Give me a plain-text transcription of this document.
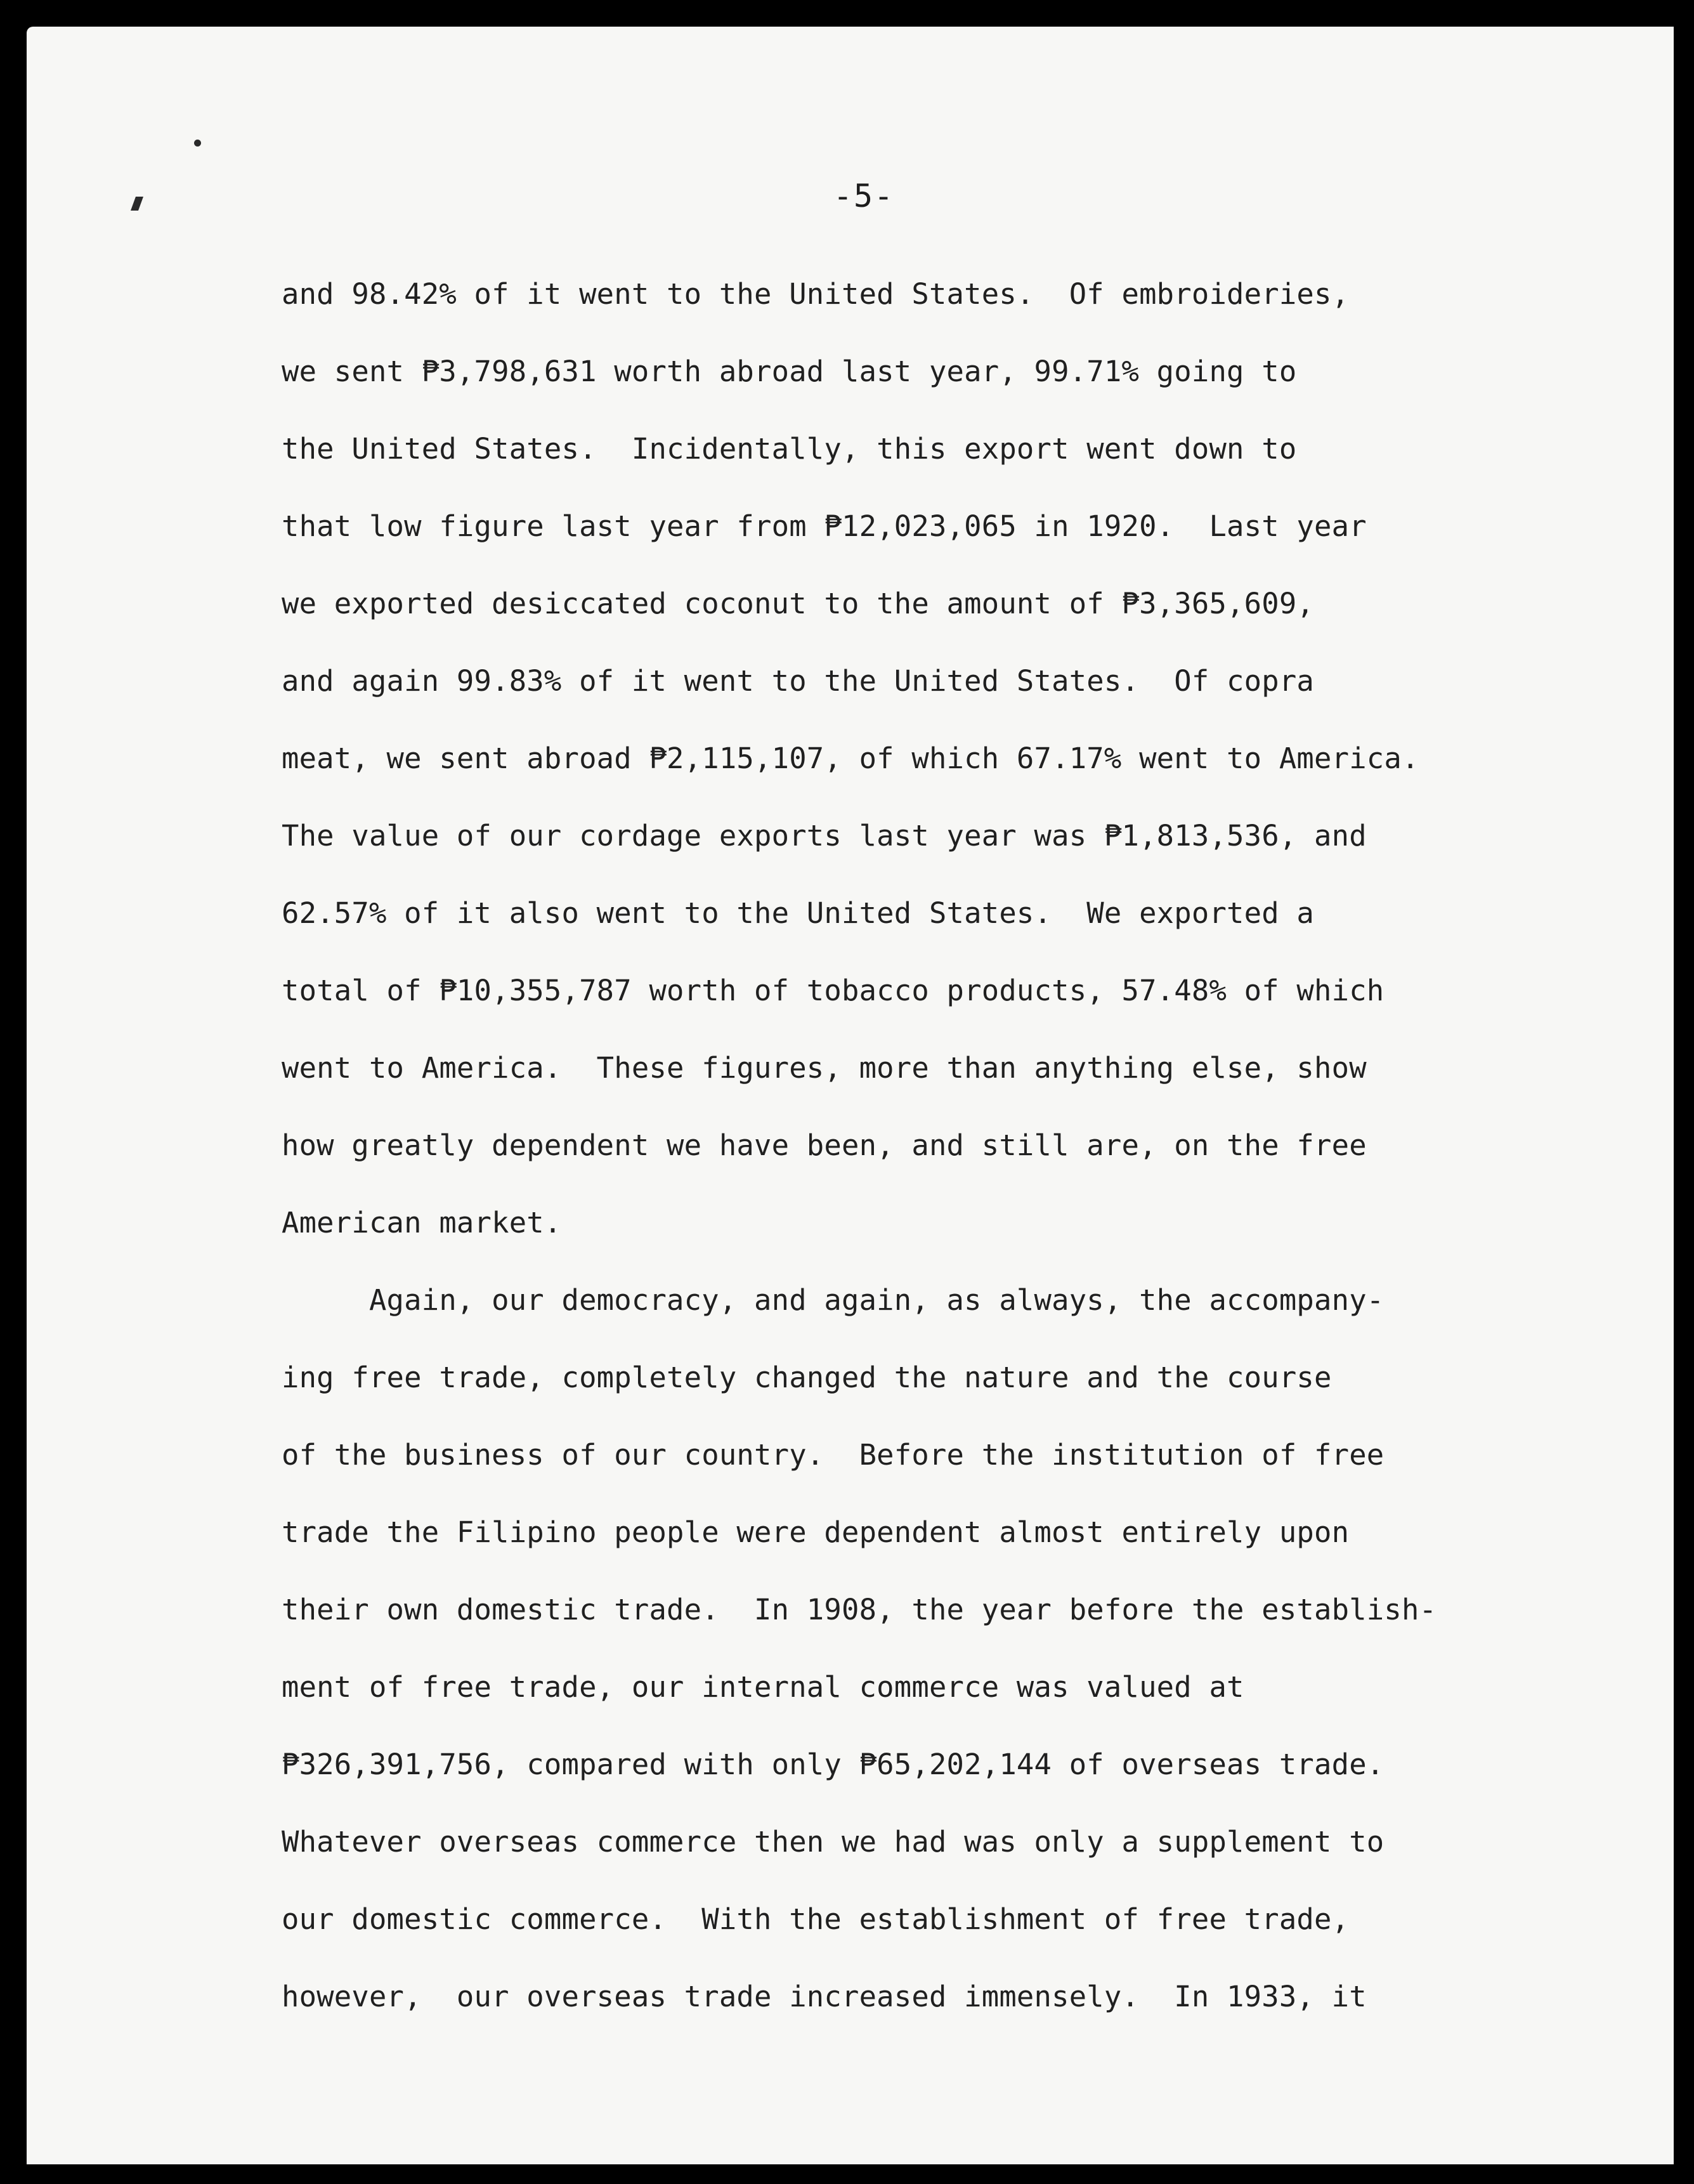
-5-
and 98.42% of it went to the United States.  Of embroideries,
we sent ₱3,798,631 worth abroad last year, 99.71% going to
the United States.  Incidentally, this export went down to
that low figure last year from ₱12,023,065 in 1920.  Last year
we exported desiccated coconut to the amount of ₱3,365,609,
and again 99.83% of it went to the United States.  Of copra
meat, we sent abroad ₱2,115,107, of which 67.17% went to America.
The value of our cordage exports last year was ₱1,813,536, and
62.57% of it also went to the United States.  We exported a
total of ₱10,355,787 worth of tobacco products, 57.48% of which
went to America.  These figures, more than anything else, show
how greatly dependent we have been, and still are, on the free
American market.
Again, our democracy, and again, as always, the accompany-
ing free trade, completely changed the nature and the course
of the business of our country.  Before the institution of free
trade the Filipino people were dependent almost entirely upon
their own domestic trade.  In 1908, the year before the establish-
ment of free trade, our internal commerce was valued at
₱326,391,756, compared with only ₱65,202,144 of overseas trade.
Whatever overseas commerce then we had was only a supplement to
our domestic commerce.  With the establishment of free trade,
however,  our overseas trade increased immensely.  In 1933, it
